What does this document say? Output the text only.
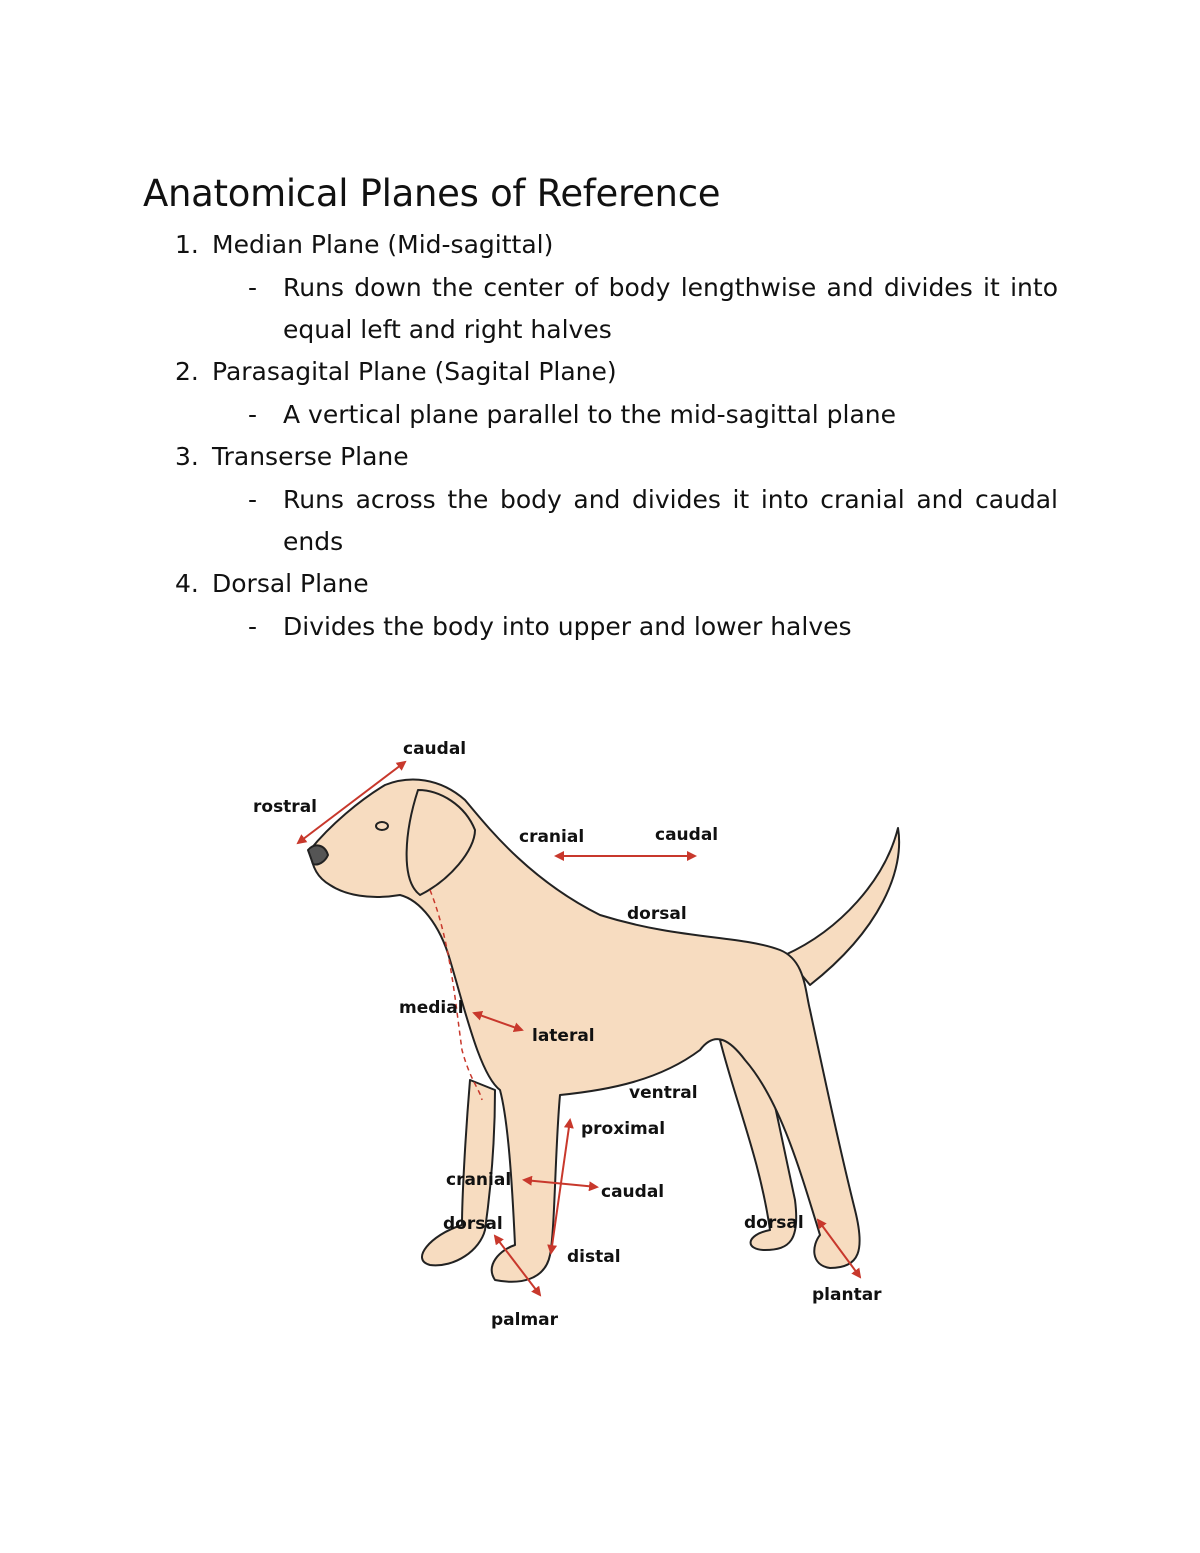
Anatomical Planes of Reference
1. Median Plane (Mid-sagittal)
- Runs down the center of body lengthwise and divides it into equal left and right halves
2. Parasagital Plane (Sagital Plane)
- A vertical plane parallel to the mid-sagittal plane
3. Transerse Plane
- Runs across the body and divides it into cranial and caudal ends
4. Dorsal Plane
- Divides the body into upper and lower halves
caudal
rostral
cranial	caudal
dorsal
medial
lateral
ventral
proximal
cranial
caudal
dorsal
distal
palmar
dorsal
plantar
